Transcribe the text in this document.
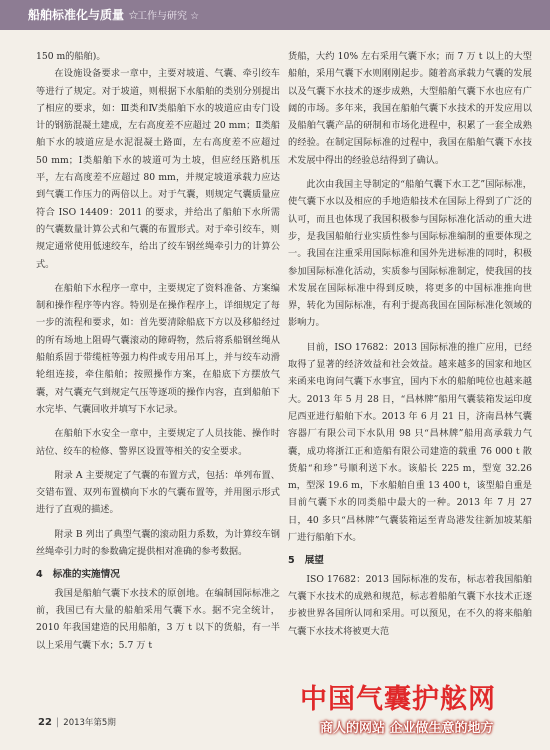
船舶标准化与质量 ☆
工作与研究 ☆

150 m的船舶)。

在设施设备要求一章中，主要对坡道、气囊、牵引绞车等进行了规定。对于坡道，则根据下水船舶的类别分别提出了相应的要求，如：Ⅲ类和Ⅳ类船舶下水的坡道应由专门设计的钢筋混凝土建成，左右高度差不应超过 20 mm；Ⅱ类船舶下水的坡道应是水泥混凝土路面，左右高度差不应超过 50 mm；Ⅰ类船舶下水的坡道可为土坡，但应经压路机压平，左右高度差不应超过 80 mm，并规定坡道承载力应达到气囊工作压力的两倍以上。对于气囊，则规定气囊质量应符合 ISO 14409：2011 的要求，并给出了船舶下水所需的气囊数量计算公式和气囊的布置形式。对于牵引绞车，则规定通常使用低速绞车，给出了绞车钢丝绳牵引力的计算公式。

在船舶下水程序一章中，主要规定了资料准备、方案编制和操作程序等内容。特别是在操作程序上，详细规定了每一步的流程和要求，如：首先要清除船底下方以及移船经过的所有场地上阻碍气囊滚动的障碍物，然后将系船钢丝绳从船舶系固于带缆桩等强力构件或专用吊耳上，并与绞车动滑轮组连接，牵住船舶；按照操作方案，在船底下方摆放气囊，对气囊充气到规定气压等逐项的操作内容，直到船舶下水完毕、气囊回收并填写下水记录。

在船舶下水安全一章中，主要规定了人员技能、操作时站位、绞车的检修、警界区设置等相关的安全要求。

附录 A 主要规定了气囊的布置方式，包括：单列布置、交错布置、双列布置横向下水的气囊布置等，并用图示形式进行了直观的描述。

附录 B 列出了典型气囊的滚动阻力系数，为计算绞车钢丝绳牵引力时的参数确定提供相对准确的参考数据。

4 标准的实施情况

我国是船舶气囊下水技术的原创地。在编制国际标准之前，我国已有大量的船舶采用气囊下水。据不完全统计，2010 年我国建造的民用船舶，3 万 t 以下的货船，有一半以上采用气囊下水；5.7 万 t

货船，大约 10% 左右采用气囊下水；而 7 万 t 以上的大型船舶，采用气囊下水则刚刚起步。随着高承载力气囊的发展以及气囊下水技术的逐步成熟，大型船舶气囊下水也应有广阔的市场。多年来，我国在船舶气囊下水技术的开发应用以及船舶气囊产品的研制和市场化进程中，积累了一套全成熟的经验。在制定国际标准的过程中，我国在船舶气囊下水技术发展中得出的经验总结得到了确认。

此次由我国主导制定的“船舶气囊下水工艺”国际标准，使气囊下水以及相应的手地造船技术在国际上得到了广泛的认可，而且也体现了我国积极参与国际标准化活动的重大进步，是我国船舶行业实质性参与国际标准编制的重要体现之一。我国在注重采用国际标准和国外先进标准的同时，积极参加国际标准化活动，实质参与国际标准制定，使我国的技术发展在国际标准中得到反映，将更多的中国标准推向世界，转化为国际标准，有利于提高我国在国际标准化领域的影响力。

目前，ISO 17682：2013 国际标准的推广应用，已经取得了显著的经济效益和社会效益。越来越多的国家和地区来函来电询问气囊下水事宜，国内下水的船舶吨位也越来越大。2013 年 5 月 28 日，“昌林牌”船用气囊装箱发运印度尼西亚进行船舶下水。2013 年 6 月 21 日，济南昌林气囊容器厂有限公司下水队用 98 只“昌林牌”船用高承载力气囊，成功将浙江正和造船有限公司建造的载重 76 000 t 散货船“和珍”号顺利送下水。该船长 225 m，型宽 32.26 m，型深 19.6 m，下水船舶自重 13 400 t，该型船自重是目前气囊下水的同类船中最大的一种。2013 年 7 月 27 日，40 多只“昌林牌”气囊装箱运至青岛港发往新加坡某船厂进行船舶下水。

5 展望

ISO 17682：2013 国际标准的发布，标志着我国船舶气囊下水技术的成熟和规范，标志着船舶气囊下水技术正逐步被世界各国所认同和采用。可以预见，在不久的将来船舶气囊下水技术将被更大范

22 | 2013年第5期
中国气囊护舷网
商人的网站 企业做生意的地方
